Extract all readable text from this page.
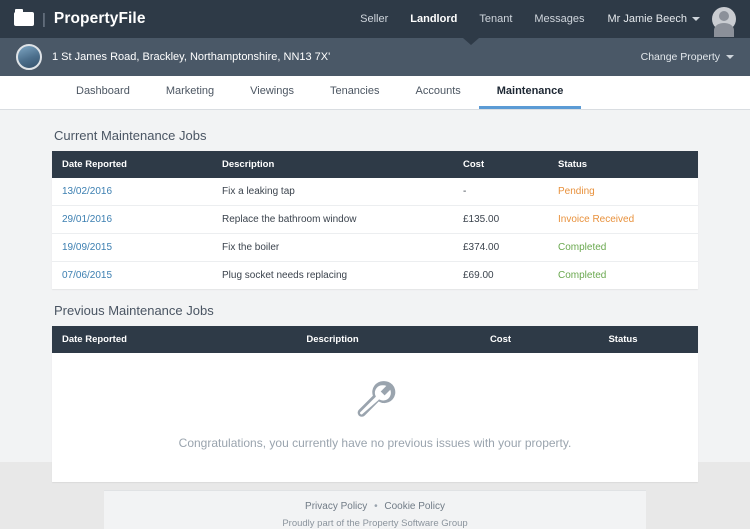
| PropertyFile	Seller	Landlord	Tenant	Messages	Mr Jamie Beech
1 St James Road, Brackley, Northamptonshire, NN13 7X'	Change Property
Dashboard	Marketing	Viewings	Tenancies	Accounts	Maintenance
Current Maintenance Jobs
Date Reported	Description	Cost	Status
13/02/2016	Fix a leaking tap	-	Pending
29/01/2016	Replace the bathroom window	£135.00	Invoice Received
19/09/2015	Fix the boiler	£374.00	Completed
07/06/2015	Plug socket needs replacing	£69.00	Completed
Previous Maintenance Jobs
Date Reported	Description	Cost	Status
Congratulations, you currently have no previous issues with your property.
Privacy Policy • Cookie Policy
Proudly part of the Property Software Group
